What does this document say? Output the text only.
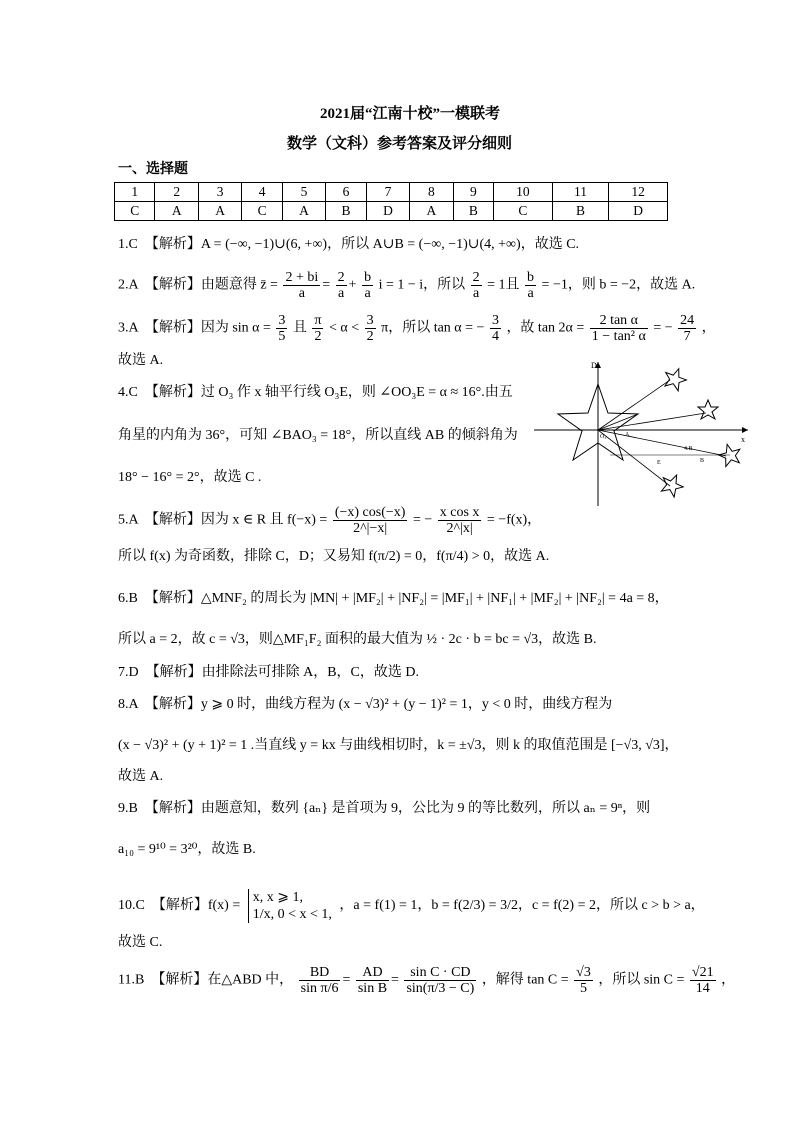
2021届“江南十校”一模联考
数学（文科）参考答案及评分细则
一、选择题
1	2	3	4	5	6	7	8	9	10	11	12
C	A	A	C	A	B	D	A	B	C	B	D
1.C　【解析】A = (−∞, −1)∪(6, +∞)，所以 A∪B = (−∞, −1)∪(4, +∞)，故选 C.
2.A　【解析】由题意得 z̄ = $\frac{2 + bi}{a} = \frac{2}{a} + \frac{b}{a}$ i = 1 − i，所以 $\frac{2}{a} = 1$且 $\frac{b}{a} = -1$，则 b = −2，故选 A.
3.A　【解析】因为 $\sin \alpha = \frac{3}{5}$ 且 $\frac{\pi}{2} < \alpha < \frac{3}{2}$ π，所以 tan α = − $\frac{3}{4}$ ，故 $\tan 2\alpha = \frac{\text{2 tan α}}{\text{1 − tan² α}}$ = − $\frac{24}{7}$ ，
故选 A.
4.C　【解析】过 O₃ 作 x 轴平行线 O₃E，则 ∠OO₃E = α ≈ 16°.由五
角星的内角为 36°，可知 ∠BAO₃ = 18°，所以直线 AB 的倾斜角为
18° − 16° = 2°，故选 C .
x
D
O₃	A
E
4.B
B
5.A　【解析】因为 x ∈ R 且 $f(-x) = \frac{(-x) \cos(-x)}{2\^{}|-x|}$ = − $\frac{\text{x cos x}}{2\^{}|x|} = -f(x)$，
所以 f(x) 为奇函数，排除 C，D；又易知 f(π/2) = 0，f(π/4) > 0，故选 A.
6.B　【解析】△MNF₂ 的周长为 |MN| + |MF₂| + |NF₂| = |MF₁| + |NF₁| + |MF₂| + |NF₂| = 4a = 8，
所以 a = 2，故 c = √3，则△MF₁F₂ 面积的最大值为 ½ · 2c · b = bc = √3，故选 B.
7.D　【解析】由排除法可排除 A，B，C，故选 D.
8.A　【解析】y ⩾ 0 时，曲线方程为 (x − √3)² + (y − 1)² = 1，y < 0 时，曲线方程为
(x − √3)² + (y + 1)² = 1 .当直线 y = kx 与曲线相切时，k = ±√3，则 k 的取值范围是 [−√3, √3]，
故选 A.
9.B　【解析】由题意知，数列 {aₙ} 是首项为 9，公比为 9 的等比数列，所以 aₙ = 9ⁿ，则
a₁₀ = 9¹⁰ = 3²⁰，故选 B.
10.C　【解析】f(x) =
x, x ⩾ 1,
1/x, 0 < x < 1,
，a = f(1) = 1，b = f(2/3) = 3/2，c = f(2) = 2，所以 c > b > a，
故选 C.
11.B　【解析】在△ABD 中， $\frac{BD}{\text{sin π/6}} = \frac{AD}{\text{sin B}} = \frac{\text{sin C · CD}}{\sin(\pi/3 - C)}$ ，解得 $\tan C = \frac{√3}{5}$ ，所以 $\sin C = \frac{√21}{14}$ ，
